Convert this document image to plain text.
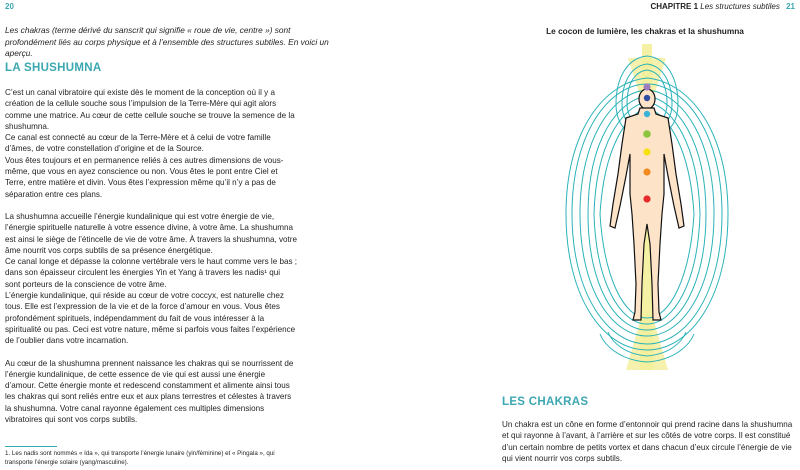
20
Les chakras (terme dérivé du sanscrit qui signifie « roue de vie, centre ») sont profondément liés au corps physique et à l’ensemble des structures subtiles. En voici un aperçu.
LA SHUSHUMNA

C’est un canal vibratoire qui existe dès le moment de la conception où il y a création de la cellule souche sous l’impulsion de la Terre-Mère qui agit alors comme une matrice. Au cœur de cette cellule souche se trouve la semence de la shushumna.

Ce canal est connecté au cœur de la Terre-Mère et à celui de votre famille d’âmes, de votre constellation d’origine et de la Source.

Vous êtes toujours et en permanence reliés à ces autres dimensions de vous-même, que vous en ayez conscience ou non. Vous êtes le pont entre Ciel et Terre, entre matière et divin. Vous êtes l’expression même qu’il n’y a pas de séparation entre ces plans.

La shushumna accueille l’énergie kundalinique qui est votre énergie de vie, l’énergie spirituelle naturelle à votre essence divine, à votre âme. La shushumna est ainsi le siège de l’étincelle de vie de votre âme. À travers la shushumna, votre âme nourrit vos corps subtils de sa présence énergétique.

Ce canal longe et dépasse la colonne vertébrale vers le haut comme vers le bas ; dans son épaisseur circulent les énergies Yin et Yang à travers les nadis¹ qui sont porteurs de la conscience de votre âme.

L’énergie kundalinique, qui réside au cœur de votre coccyx, est naturelle chez tous. Elle est l’expression de la vie et de la force d’amour en vous. Vous êtes profondément spirituels, indépendamment du fait de vous intéresser à la spiritualité ou pas. Ceci est votre nature, même si parfois vous faites l’expérience de l’oublier dans votre incarnation.

Au cœur de la shushumna prennent naissance les chakras qui se nourrissent de l’énergie kundalinique, de cette essence de vie qui est aussi une énergie d’amour. Cette énergie monte et redescend constamment et alimente ainsi tous les chakras qui sont reliés entre eux et aux plans terrestres et célestes à travers la shushumna. Votre canal rayonne également ces multiples dimensions vibratoires qui sont vos corps subtils.

1. Les nadis sont nommés « Ida », qui transporte l’énergie lunaire (yin/féminine) et « Pingala », qui transporte l’énergie solaire (yang/masculine).
CHAPITRE 1 Les structures subtiles 21
Le cocon de lumière, les chakras et la shushumna
LES CHAKRAS

Un chakra est un cône en forme d’entonnoir qui prend racine dans la shushumna et qui rayonne à l’avant, à l’arrière et sur les côtés de votre corps. Il est constitué d’un certain nombre de petits vortex et dans chacun d’eux circule l’énergie de vie qui vient nourrir vos corps subtils.
